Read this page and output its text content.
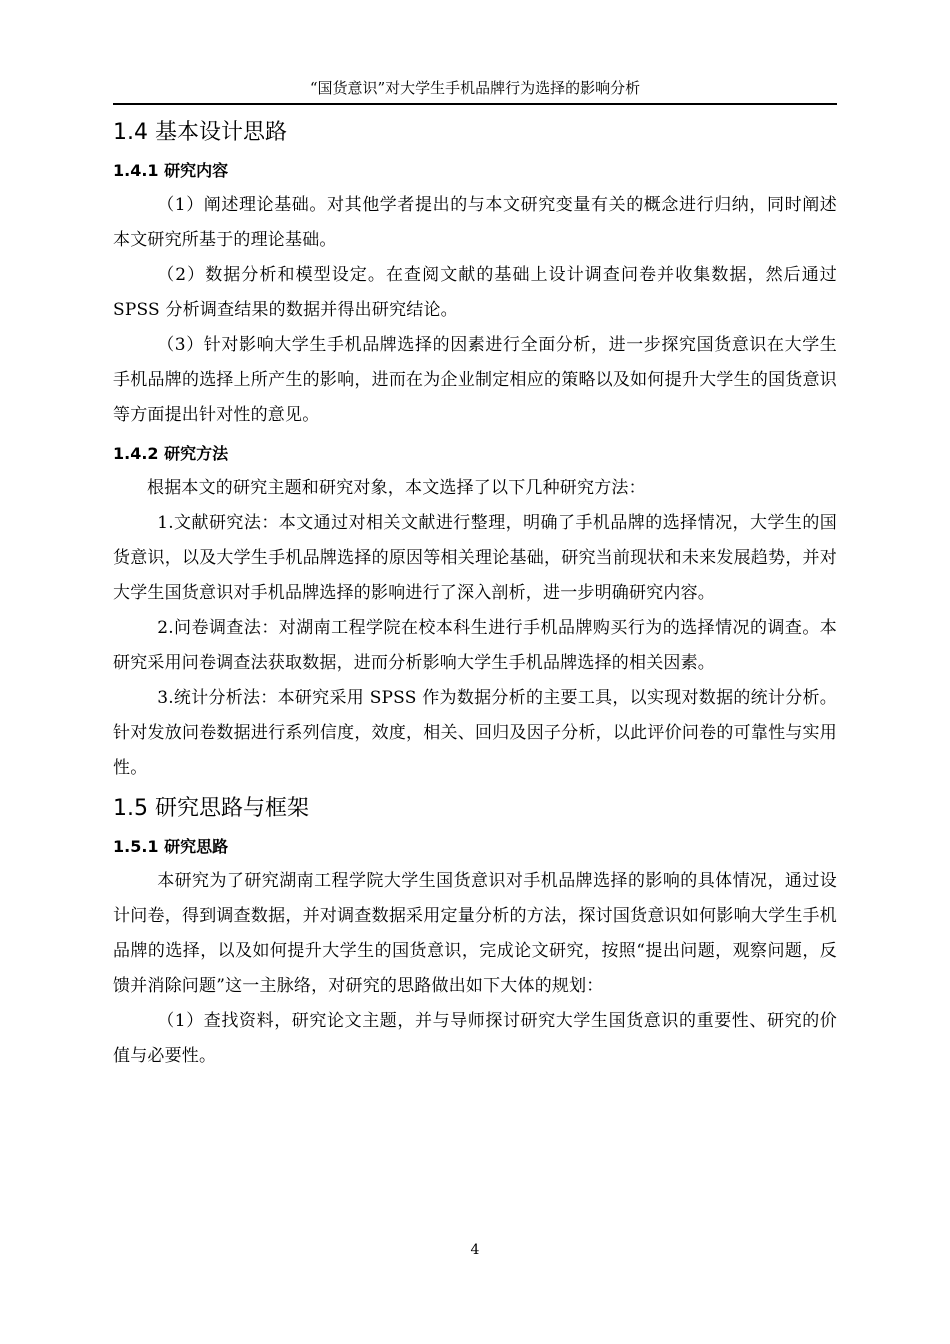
“国货意识”对大学生手机品牌行为选择的影响分析
1.4 基本设计思路
1.4.1 研究内容

（1）阐述理论基础。对其他学者提出的与本文研究变量有关的概念进行归纳，同时阐述本文研究所基于的理论基础。

（2）数据分析和模型设定。在查阅文献的基础上设计调查问卷并收集数据，然后通过 SPSS 分析调查结果的数据并得出研究结论。

（3）针对影响大学生手机品牌选择的因素进行全面分析，进一步探究国货意识在大学生手机品牌的选择上所产生的影响，进而在为企业制定相应的策略以及如何提升大学生的国货意识等方面提出针对性的意见。

1.4.2 研究方法

根据本文的研究主题和研究对象，本文选择了以下几种研究方法：

1.文献研究法：本文通过对相关文献进行整理，明确了手机品牌的选择情况，大学生的国货意识，以及大学生手机品牌选择的原因等相关理论基础，研究当前现状和未来发展趋势，并对大学生国货意识对手机品牌选择的影响进行了深入剖析，进一步明确研究内容。

2.问卷调查法：对湖南工程学院在校本科生进行手机品牌购买行为的选择情况的调查。本研究采用问卷调查法获取数据，进而分析影响大学生手机品牌选择的相关因素。

3.统计分析法：本研究采用 SPSS 作为数据分析的主要工具，以实现对数据的统计分析。针对发放问卷数据进行系列信度，效度，相关、回归及因子分析，以此评价问卷的可靠性与实用性。

1.5 研究思路与框架
1.5.1 研究思路

本研究为了研究湖南工程学院大学生国货意识对手机品牌选择的影响的具体情况，通过设计问卷，得到调查数据，并对调查数据采用定量分析的方法，探讨国货意识如何影响大学生手机品牌的选择，以及如何提升大学生的国货意识，完成论文研究，按照“提出问题，观察问题，反馈并消除问题”这一主脉络，对研究的思路做出如下大体的规划：

（1）查找资料，研究论文主题，并与导师探讨研究大学生国货意识的重要性、研究的价值与必要性。

4
